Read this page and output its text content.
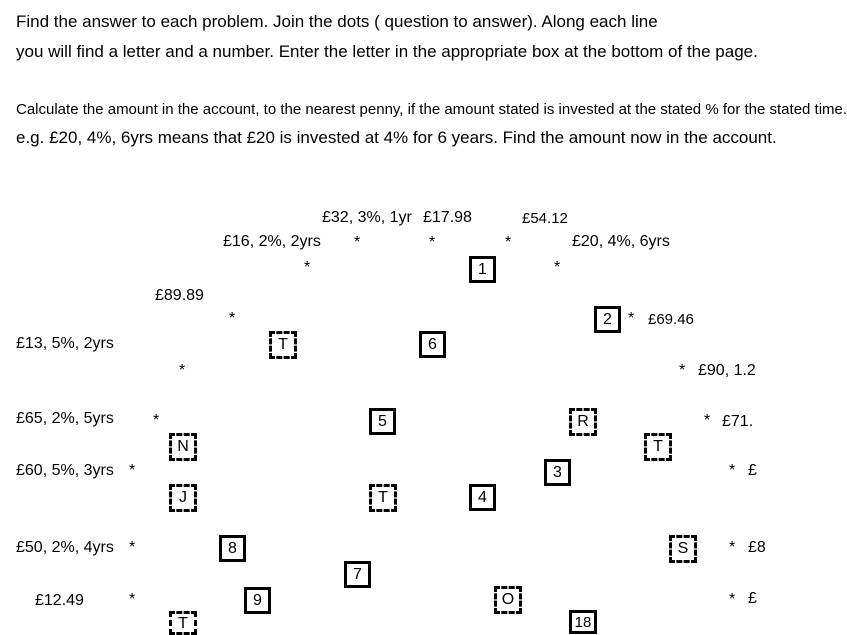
Find the answer to each problem. Join the dots ( question to answer). Along each line
you will find a letter and a number. Enter the letter in the appropriate box at the bottom of the page.
Calculate the amount in the account, to the nearest penny, if the amount stated is invested at the stated % for the stated time.
e.g. £20, 4%, 6yrs means that £20 is invested at 4% for 6 years. Find the amount now in the account.
£32, 3%, 1yr £17.98	£54.12
£16, 2%, 2yrs	£20, 4%, 6yrs
£89.89
£69.46
£13, 5%, 2yrs
£90, 1.2
£65, 2%, 5yrs	£71.
£60, 5%, 3yrs	£
£50, 2%, 4yrs	£8
£12.49	£
*	*	*
*	*
*	*
*	*
*	*
*	*
*	*
*	*
1
2
3
4
5
6
7
8
9
18
T
R
N	T
J	T
S
O
T
